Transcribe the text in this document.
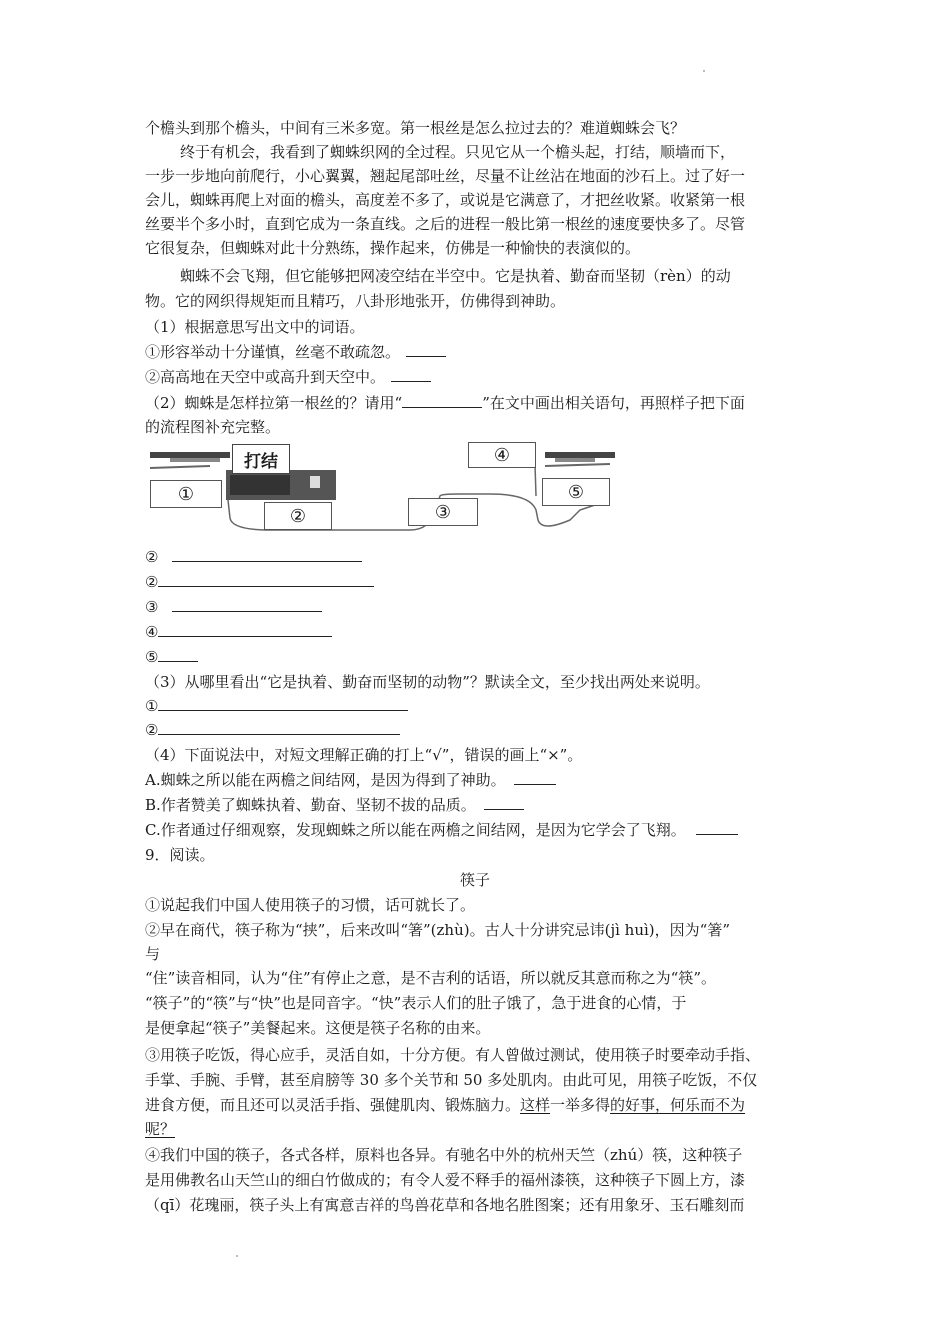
个檐头到那个檐头，中间有三米多宽。第一根丝是怎么拉过去的？难道蜘蛛会飞？
终于有机会，我看到了蜘蛛织网的全过程。只见它从一个檐头起，打结，顺墙而下，
一步一步地向前爬行，小心翼翼，翘起尾部吐丝，尽量不让丝沾在地面的沙石上。过了好一
会儿，蜘蛛再爬上对面的檐头，高度差不多了，或说是它满意了，才把丝收紧。收紧第一根
丝要半个多小时，直到它成为一条直线。之后的进程一般比第一根丝的速度要快多了。尽管
它很复杂，但蜘蛛对此十分熟练，操作起来，仿佛是一种愉快的表演似的。
蜘蛛不会飞翔，但它能够把网凌空结在半空中。它是执着、勤奋而坚韧（rèn）的动
物。它的网织得规矩而且精巧，八卦形地张开，仿佛得到神助。
（1）根据意思写出文中的词语。
①形容举动十分谨慎，丝毫不敢疏忽。
②高高地在天空中或高升到天空中。
（2）蜘蛛是怎样拉第一根丝的？请用“	”在文中画出相关语句，再照样子把下面
的流程图补充完整。
打结
①
②	③
④
⑤
②
②
③
④
⑤
（3）从哪里看出“它是执着、勤奋而坚韧的动物”？默读全文，至少找出两处来说明。
①
②
（4）下面说法中，对短文理解正确的打上“√”，错误的画上“×”。
A.蜘蛛之所以能在两檐之间结网，是因为得到了神助。
B.作者赞美了蜘蛛执着、勤奋、坚韧不拔的品质。
C.作者通过仔细观察，发现蜘蛛之所以能在两檐之间结网，是因为它学会了飞翔。
9．阅读。
筷子
①说起我们中国人使用筷子的习惯，话可就长了。
②早在商代，筷子称为“挟”，后来改叫“箸”(zhù)。古人十分讲究忌讳(jì huì)，因为“箸”
与
“住”读音相同，认为“住”有停止之意，是不吉利的话语，所以就反其意而称之为“筷”。
“筷子”的“筷”与“快”也是同音字。“快”表示人们的肚子饿了，急于进食的心情，于
是便拿起“筷子”美餐起来。这便是筷子名称的由来。
③用筷子吃饭，得心应手，灵活自如，十分方便。有人曾做过测试，使用筷子时要牵动手指、
手掌、手腕、手臂，甚至肩膀等 30 多个关节和 50 多处肌肉。由此可见，用筷子吃饭，不仅
进食方便，而且还可以灵活手指、强健肌肉、锻炼脑力。这样一举多得的好事，何乐而不为
呢？
④我们中国的筷子，各式各样，原料也各异。有驰名中外的杭州天竺（zhú）筷，这种筷子
是用佛教名山天竺山的细白竹做成的；有令人爱不释手的福州漆筷，这种筷子下圆上方，漆
（qī）花瑰丽，筷子头上有寓意吉祥的鸟兽花草和各地名胜图案；还有用象牙、玉石雕刻而
